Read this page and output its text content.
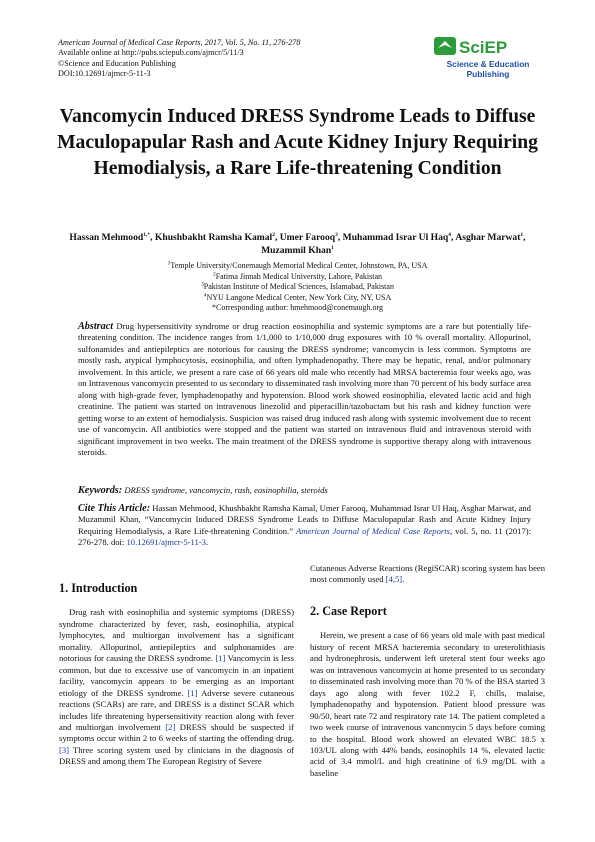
American Journal of Medical Case Reports, 2017, Vol. 5, No. 11, 276-278
Available online at http://pubs.sciepub.com/ajmcr/5/11/3
©Science and Education Publishing
DOI:10.12691/ajmcr-5-11-3
SciEP
Science & Education
Publishing
Vancomycin Induced DRESS Syndrome Leads to Diffuse Maculopapular Rash and Acute Kidney Injury Requiring Hemodialysis, a Rare Life-threatening Condition
Hassan Mehmood$^{1,*}$, Khushbakht Ramsha Kamal$^2$, Umer Farooq$^3$, Muhammad Israr Ul Haq$^4$, Asghar Marwat$^1$, Muzammil Khan$^1$
$^1$Temple University/Conemaugh Memorial Medical Center, Johnstown, PA, USA
$^2$Fatima Jinnah Medical University, Lahore, Pakistan
$^3$Pakistan Institute of Medical Sciences, Islamabad, Pakistan
$^4$NYU Langone Medical Center, New York City, NY, USA
*Corresponding author: hmehmood@conemaugh.org
Abstract Drug hypersensitivity syndrome or drug reaction eosinophilia and systemic symptoms are a rare but potentially life-threatening condition. The incidence ranges from 1/1,000 to 1/10,000 drug exposures with 10 % overall mortality. Allopurinol, sulfonamides and antiepileptics are notorious for causing the DRESS syndrome; vancomycin is less common. Symptoms are mostly rash, atypical lymphocytosis, eosinophilia, and often lymphadenopathy. There may be hepatic, renal, and/or pulmonary involvement. In this article, we present a rare case of 66 years old male who recently had MRSA bacteremia four weeks ago, was on Intravenous vancomycin presented to us secondary to disseminated rash involving more than 70 percent of his body surface area along with high-grade fever, lymphadenopathy and hypotension. Blood work showed eosinophilia, elevated lactic acid and high creatinine. The patient was started on intravenous linezolid and piperacillin/tazobactam but his rash and kidney function were getting worse to an extent of hemodialysis. Suspicion was raised drug induced rash along with systemic involvement due to recent use of vancomycin. All antibiotics were stopped and the patient was started on intravenous fluid and intravenous steroid with significant improvement in two weeks. The main treatment of the DRESS syndrome is supportive therapy along with intravenous steroids.
Keywords: DRESS syndrome, vancomycin, rash, eosinophilia, steroids
Cite This Article: Hassan Mehmood, Khushbakht Ramsha Kamal, Umer Farooq, Muhammad Israr Ul Haq, Asghar Marwat, and Muzammil Khan, “Vancomycin Induced DRESS Syndrome Leads to Diffuse Maculopapular Rash and Acute Kidney Injury Requiring Hemodialysis, a Rare Life-threatening Condition.” American Journal of Medical Case Reports, vol. 5, no. 11 (2017): 276-278. doi: 10.12691/ajmcr-5-11-3.
1. Introduction

Drug rash with eosinophilia and systemic symptoms (DRESS) syndrome characterized by fever, rash, eosinophilia, atypical lymphocytes, and multiorgan involvement has a significant mortality. Allopurinol, antiepileptics and sulphonamides are notorious for causing the DRESS syndrome. [1] Vancomycin is less common, but due to excessive use of vancomycin in an inpatient facility, vancomycin appears to be emerging as an important etiology of the DRESS syndrome. [1] Adverse severe cutaneous reactions (SCARs) are rare, and DRESS is a distinct SCAR which includes life threatening hypersensitivity reaction along with fever and multiorgan involvement [2] DRESS should be suspected if symptoms occur within 2 to 6 weeks of starting the offending drug. [3] Three scoring system used by clinicians in the diagnosis of DRESS and among them The European Registry of Severe

Cutaneous Adverse Reactions (RegiSCAR) scoring system has been most commonly used [4,5].
2. Case Report

Herein, we present a case of 66 years old male with past medical history of recent MRSA bacteremia secondary to ureterolithiasis and hydronephrosis, underwent left ureteral stent four weeks ago was on intravenous vancomycin at home presented to us secondary to disseminated rash involving more than 70 % of the BSA started 3 days ago along with fever 102.2 F, chills, malaise, lymphadenopathy and hypotension. Patient blood pressure was 90/50, heart rate 72 and respiratory rate 14. The patient completed a two week course of intravenous vancomycin 5 days before coming to the hospital. Blood work showed an elevated WBC 18.5 x 103/UL along with 44% bands, eosinophils 14 %, elevated lactic acid of 3.4 mmol/L and high creatinine of 6.9 mg/DL with a baseline
